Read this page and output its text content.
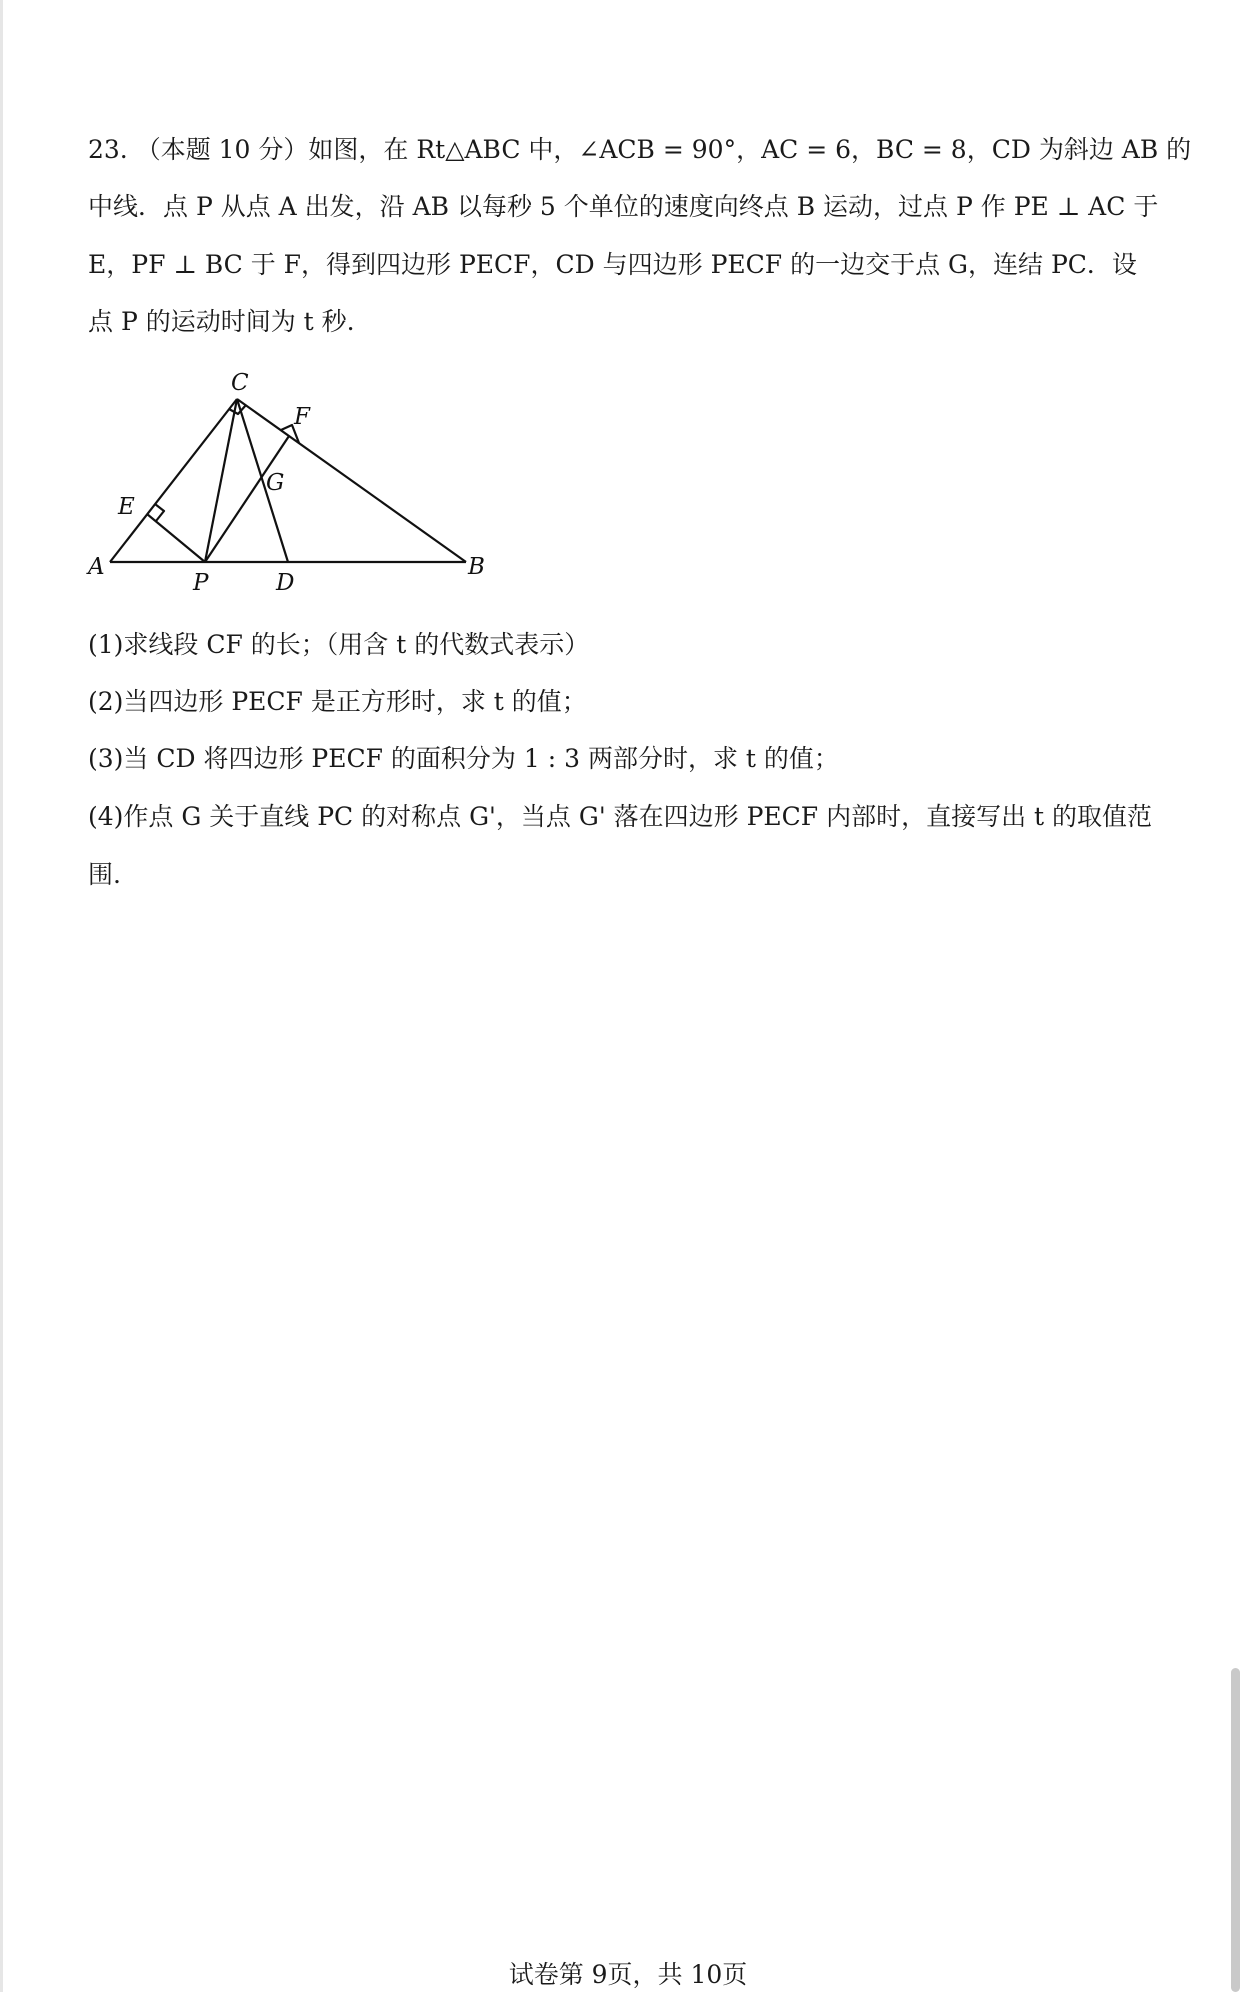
23. （本题 10 分）如图，在 Rt△ABC 中，∠ACB = 90°，AC = 6，BC = 8，CD 为斜边 AB 的
中线．点 P 从点 A 出发，沿 AB 以每秒 5 个单位的速度向终点 B 运动，过点 P 作 PE ⊥ AC 于
E，PF ⊥ BC 于 F，得到四边形 PECF，CD 与四边形 PECF 的一边交于点 G，连结 PC．设
点 P 的运动时间为 t 秒.
C
F
G
E
A
P	D
B
(1)求线段 CF 的长；（用含 t 的代数式表示）
(2)当四边形 PECF 是正方形时，求 t 的值；
(3)当 CD 将四边形 PECF 的面积分为 1 : 3 两部分时，求 t 的值；
(4)作点 G 关于直线 PC 的对称点 G'，当点 G' 落在四边形 PECF 内部时，直接写出 t 的取值范
围.
试卷第 9页，共 10页
